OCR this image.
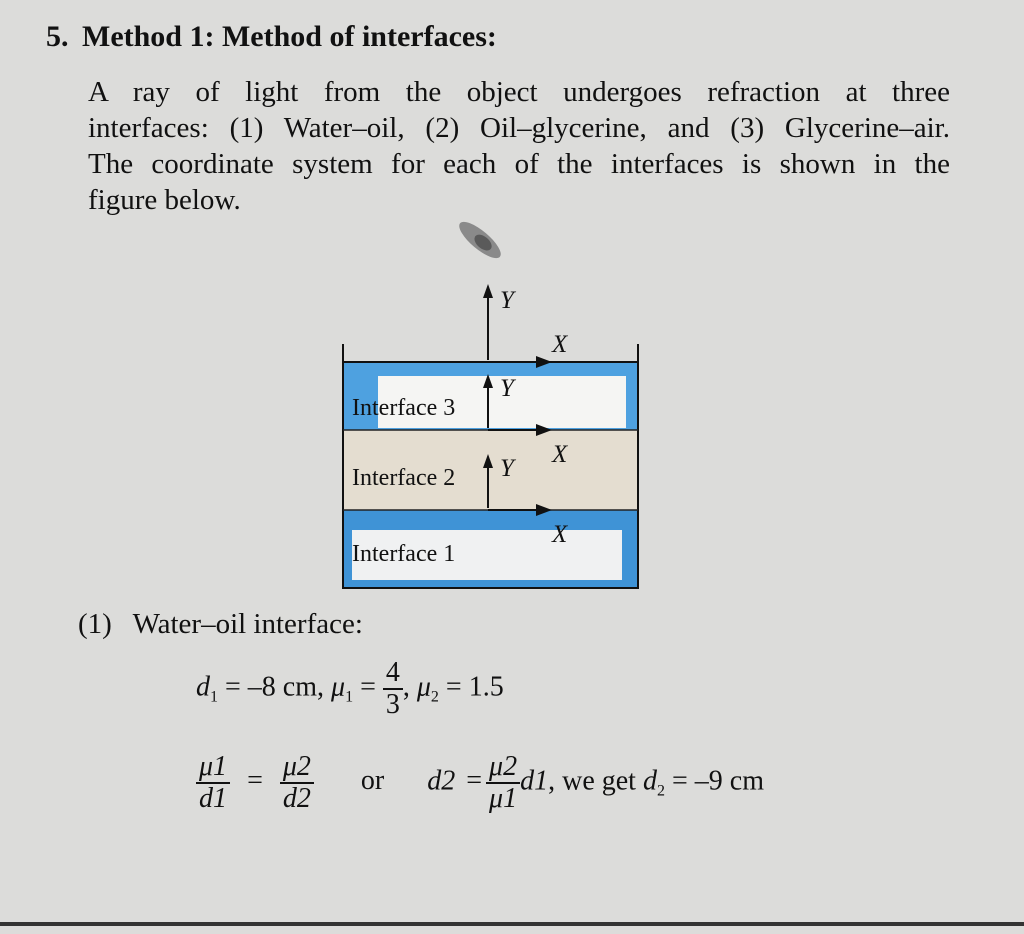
5. Method 1: Method of interfaces:
A ray of light from the object undergoes refraction at three
interfaces: (1) Water–oil, (2) Oil–glycerine, and (3) Glycerine–air.
The coordinate system for each of the interfaces is shown in the
figure below.
Y
X
Y
X
Y
X
Interface 3
Interface 2
Interface 1
(1) Water–oil interface:
$d_1 = -8$ cm, $\mu_1 = \frac{4}{3}$ , $\mu_2 = 1.5$
$\frac{\mu 1}{d1} = \frac{\mu 2}{d2}$ or $d2 = \frac{\mu 2}{\mu 1} d1$, we get $d_2 = -9$ cm
